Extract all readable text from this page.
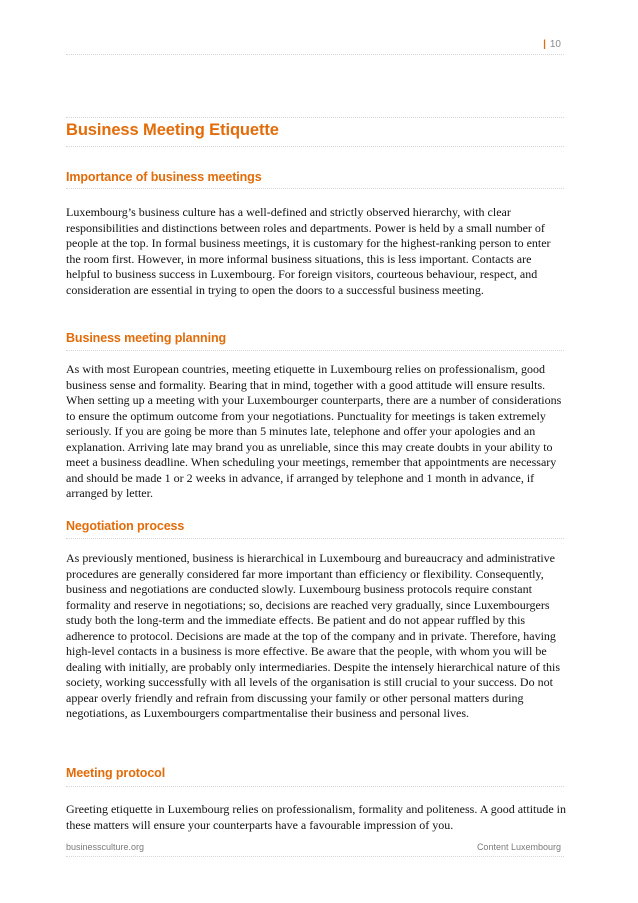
| 10
Business Meeting Etiquette
Importance of business meetings

Luxembourg’s business culture has a well-defined and strictly observed hierarchy, with clear responsibilities and distinctions between roles and departments. Power is held by a small number of people at the top. In formal business meetings, it is customary for the highest-ranking person to enter the room first. However, in more informal business situations, this is less important. Contacts are helpful to business success in Luxembourg. For foreign visitors, courteous behaviour, respect, and consideration are essential in trying to open the doors to a successful business meeting.

Business meeting planning

As with most European countries, meeting etiquette in Luxembourg relies on professionalism, good business sense and formality. Bearing that in mind, together with a good attitude will ensure results. When setting up a meeting with your Luxembourger counterparts, there are a number of considerations to ensure the optimum outcome from your negotiations. Punctuality for meetings is taken extremely seriously. If you are going be more than 5 minutes late, telephone and offer your apologies and an explanation. Arriving late may brand you as unreliable, since this may create doubts in your ability to meet a business deadline. When scheduling your meetings, remember that appointments are necessary and should be made 1 or 2 weeks in advance, if arranged by telephone and 1 month in advance, if arranged by letter.

Negotiation process

As previously mentioned, business is hierarchical in Luxembourg and bureaucracy and administrative procedures are generally considered far more important than efficiency or flexibility. Consequently, business and negotiations are conducted slowly. Luxembourg business protocols require constant formality and reserve in negotiations; so, decisions are reached very gradually, since Luxembourgers study both the long-term and the immediate effects. Be patient and do not appear ruffled by this adherence to protocol. Decisions are made at the top of the company and in private. Therefore, having high-level contacts in a business is more effective. Be aware that the people, with whom you will be dealing with initially, are probably only intermediaries. Despite the intensely hierarchical nature of this society, working successfully with all levels of the organisation is still crucial to your success. Do not appear overly friendly and refrain from discussing your family or other personal matters during negotiations, as Luxembourgers compartmentalise their business and personal lives.

Meeting protocol

Greeting etiquette in Luxembourg relies on professionalism, formality and politeness. A good attitude in these matters will ensure your counterparts have a favourable impression of you.

businessculture.org	Content Luxembourg
